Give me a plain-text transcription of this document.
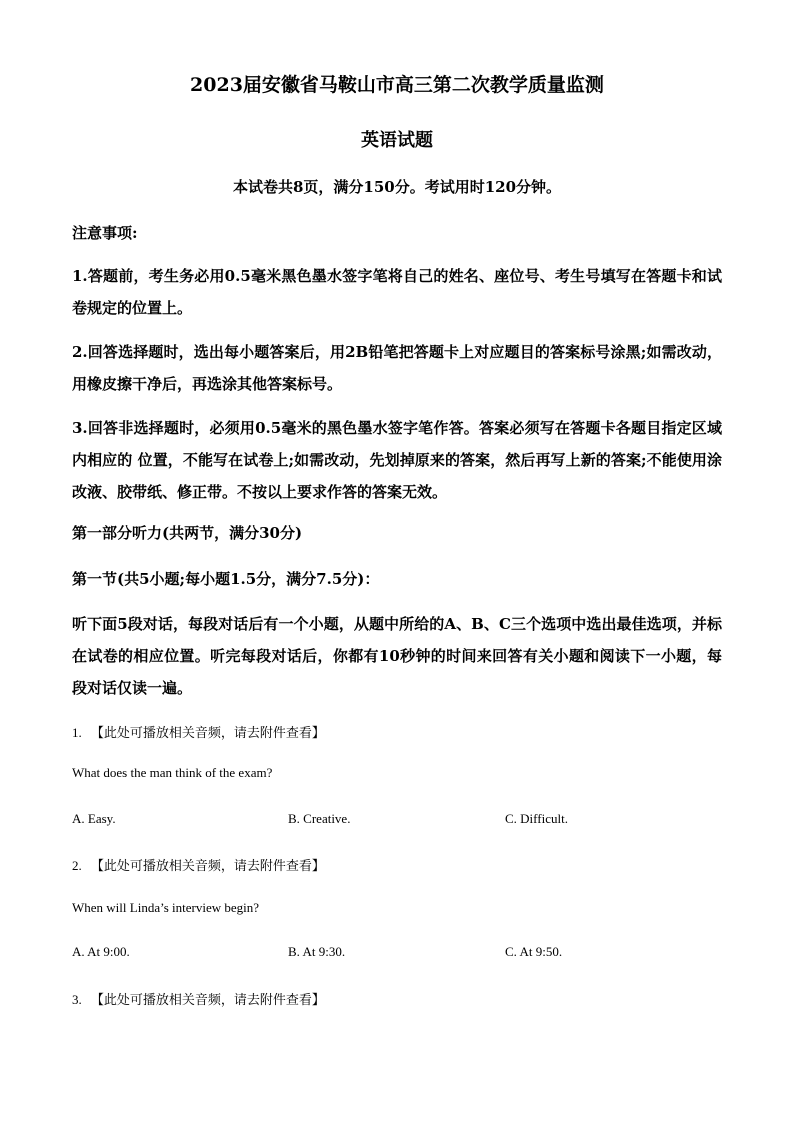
2023届安徽省马鞍山市高三第二次教学质量监测
英语试题
本试卷共8页，满分150分。考试用时120分钟。
注意事项:
1.答题前，考生务必用0.5毫米黑色墨水签字笔将自己的姓名、座位号、考生号填写在答题卡和试卷规定的位置上。
2.回答选择题时，选出每小题答案后，用2B铅笔把答题卡上对应题目的答案标号涂黑;如需改动，用橡皮擦干净后，再选涂其他答案标号。
3.回答非选择题时，必须用0.5毫米的黑色墨水签字笔作答。答案必须写在答题卡各题目指定区域内相应的 位置，不能写在试卷上;如需改动，先划掉原来的答案，然后再写上新的答案;不能使用涂改液、胶带纸、修正带。不按以上要求作答的答案无效。
第一部分听力(共两节，满分30分)
第一节(共5小题;每小题1.5分，满分7.5分)：
听下面5段对话，每段对话后有一个小题，从题中所给的A、B、C三个选项中选出最佳选项，并标在试卷的相应位置。听完每段对话后，你都有10秒钟的时间来回答有关小题和阅读下一小题，每段对话仅读一遍。
1. 【此处可播放相关音频，请去附件查看】
What does the man think of the exam?
A. Easy.	B. Creative.	C. Difficult.
2. 【此处可播放相关音频，请去附件查看】
When will Linda’s interview begin?
A. At 9:00.	B. At 9:30.	C. At 9:50.
3. 【此处可播放相关音频，请去附件查看】
